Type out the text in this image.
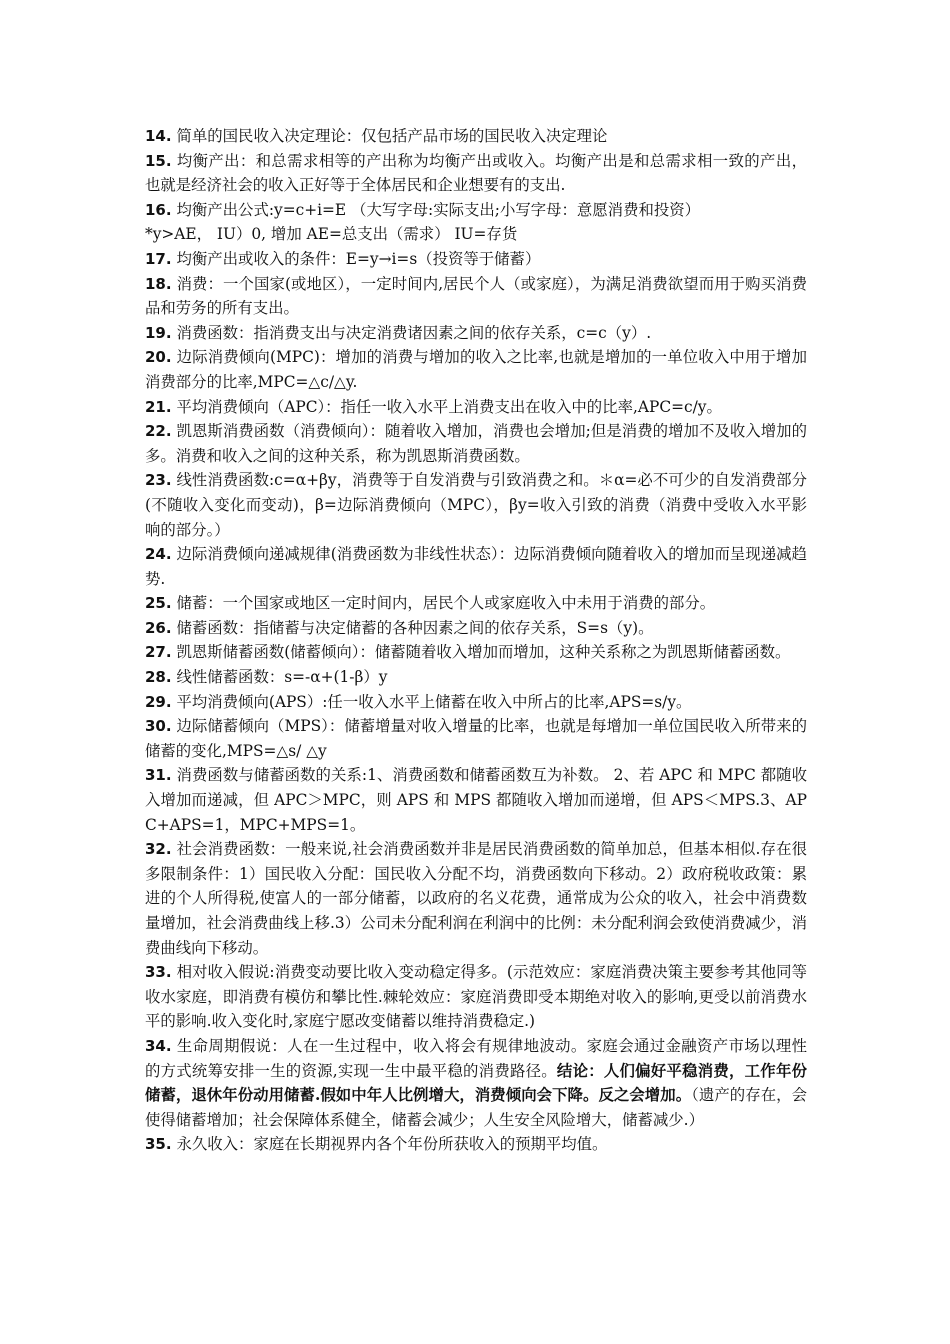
14. 简单的国民收入决定理论：仅包括产品市场的国民收入决定理论

15. 均衡产出：和总需求相等的产出称为均衡产出或收入。均衡产出是和总需求相一致的产出，也就是经济社会的收入正好等于全体居民和企业想要有的支出.

16. 均衡产出公式:y=c+i=E （大写字母:实际支出;小写字母：意愿消费和投资）

*y>AE， IU）0, 增加 AE=总支出（需求） IU=存货

17. 均衡产出或收入的条件：E=y→i=s（投资等于储蓄）

18. 消费：一个国家(或地区），一定时间内,居民个人（或家庭），为满足消费欲望而用于购买消费品和劳务的所有支出。

19. 消费函数：指消费支出与决定消费诸因素之间的依存关系，c=c（y）.

20. 边际消费倾向(MPC)：增加的消费与增加的收入之比率,也就是增加的一单位收入中用于增加消费部分的比率,MPC=△c/△y.

21. 平均消费倾向（APC）：指任一收入水平上消费支出在收入中的比率,APC=c/y。

22. 凯恩斯消费函数（消费倾向）：随着收入增加，消费也会增加;但是消费的增加不及收入增加的多。消费和收入之间的这种关系，称为凯恩斯消费函数。

23. 线性消费函数:c=α+βy，消费等于自发消费与引致消费之和。＊α=必不可少的自发消费部分(不随收入变化而变动)，β=边际消费倾向（MPC），βy=收入引致的消费（消费中受收入水平影响的部分。）

24. 边际消费倾向递减规律(消费函数为非线性状态）：边际消费倾向随着收入的增加而呈现递减趋势.

25. 储蓄：一个国家或地区一定时间内，居民个人或家庭收入中未用于消费的部分。

26. 储蓄函数：指储蓄与决定储蓄的各种因素之间的依存关系，S=s（y)。

27. 凯恩斯储蓄函数(储蓄倾向）：储蓄随着收入增加而增加，这种关系称之为凯恩斯储蓄函数。

28. 线性储蓄函数：s=-α+(1-β）y

29. 平均消费倾向(APS）:任一收入水平上储蓄在收入中所占的比率,APS=s/y。

30. 边际储蓄倾向（MPS）：储蓄增量对收入增量的比率，也就是每增加一单位国民收入所带来的储蓄的变化,MPS=△s/ △y

31. 消费函数与储蓄函数的关系:1、消费函数和储蓄函数互为补数。 2、若 APC 和 MPC 都随收入增加而递减，但 APC＞MPC，则 APS 和 MPS 都随收入增加而递增，但 APS＜MPS.3、APC+APS=1，MPC+MPS=1。

32. 社会消费函数：一般来说,社会消费函数并非是居民消费函数的简单加总，但基本相似.存在很多限制条件：1）国民收入分配：国民收入分配不均，消费函数向下移动。2）政府税收政策：累进的个人所得税,使富人的一部分储蓄，以政府的名义花费，通常成为公众的收入，社会中消费数量增加，社会消费曲线上移.3）公司未分配利润在利润中的比例：未分配利润会致使消费减少，消费曲线向下移动。

33. 相对收入假说:消费变动要比收入变动稳定得多。(示范效应：家庭消费决策主要参考其他同等收水家庭，即消费有模仿和攀比性.棘轮效应：家庭消费即受本期绝对收入的影响,更受以前消费水平的影响.收入变化时,家庭宁愿改变储蓄以维持消费稳定.)

34. 生命周期假说：人在一生过程中，收入将会有规律地波动。家庭会通过金融资产市场以理性的方式统筹安排一生的资源,实现一生中最平稳的消费路径。结论：人们偏好平稳消费，工作年份储蓄，退休年份动用储蓄.假如中年人比例增大，消费倾向会下降。反之会增加。（遗产的存在，会使得储蓄增加；社会保障体系健全，储蓄会减少；人生安全风险增大，储蓄减少.）

35. 永久收入：家庭在长期视界内各个年份所获收入的预期平均值。
